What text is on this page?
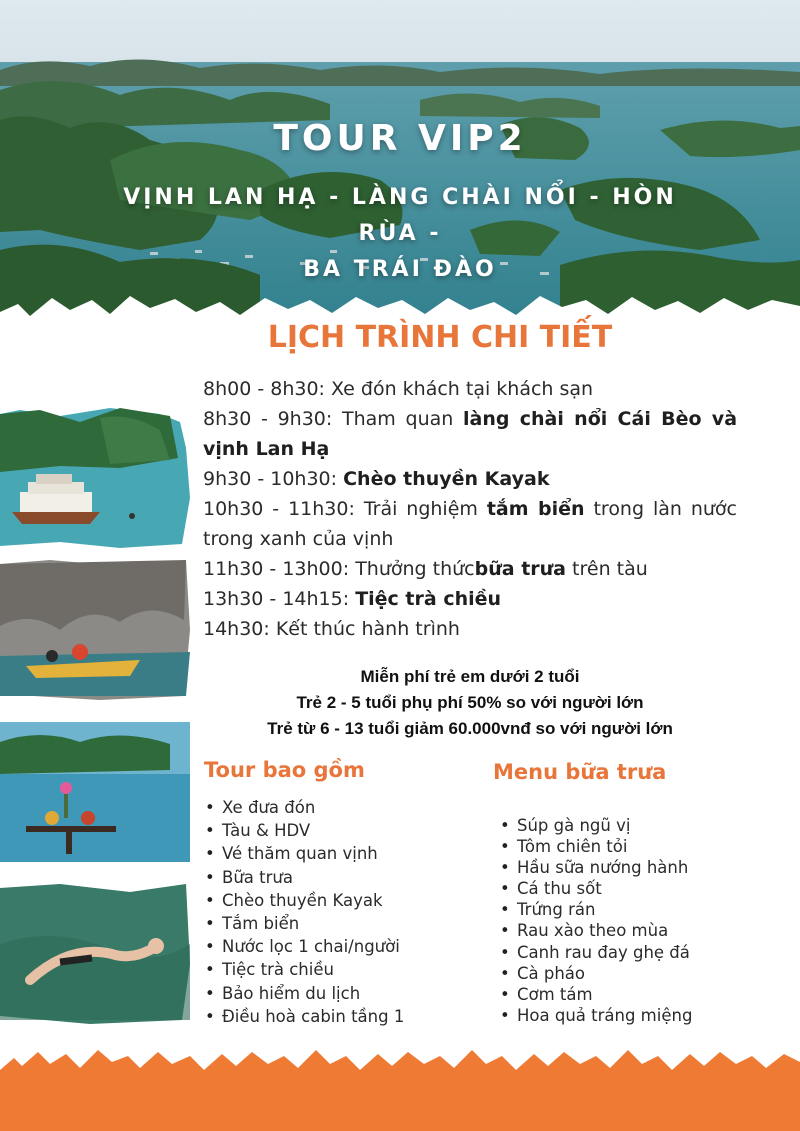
TOUR VIP2
VỊNH LAN HẠ - LÀNG CHÀI NỔI - HÒN RÙA -
BA TRÁI ĐÀO
LỊCH TRÌNH CHI TIẾT
8h00 - 8h30: Xe đón khách tại khách sạn
8h30 - 9h30: Tham quan làng chài nổi Cái Bèo và vịnh Lan Hạ
9h30 - 10h30: Chèo thuyền Kayak
10h30 - 11h30: Trải nghiệm tắm biển trong làn nước trong xanh của vịnh
11h30 - 13h00: Thưởng thứcbữa trưa trên tàu
13h30 - 14h15: Tiệc trà chiều
14h30: Kết thúc hành trình
Miễn phí trẻ em dưới 2 tuổi
Trẻ 2 - 5 tuổi phụ phí 50% so với người lớn
Trẻ từ 6 - 13 tuổi giảm 60.000vnđ so với người lớn
Tour bao gồm
• Xe đưa đón
• Tàu & HDV
• Vé thăm quan vịnh
• Bữa trưa
• Chèo thuyền Kayak
• Tắm biển
• Nước lọc 1 chai/người
• Tiệc trà chiều
• Bảo hiểm du lịch
• Điều hoà cabin tầng 1
Menu bữa trưa
• Súp gà ngũ vị
• Tôm chiên tỏi
• Hầu sữa nướng hành
• Cá thu sốt
• Trứng rán
• Rau xào theo mùa
• Canh rau đay ghẹ đá
• Cà pháo
• Cơm tám
• Hoa quả tráng miệng
